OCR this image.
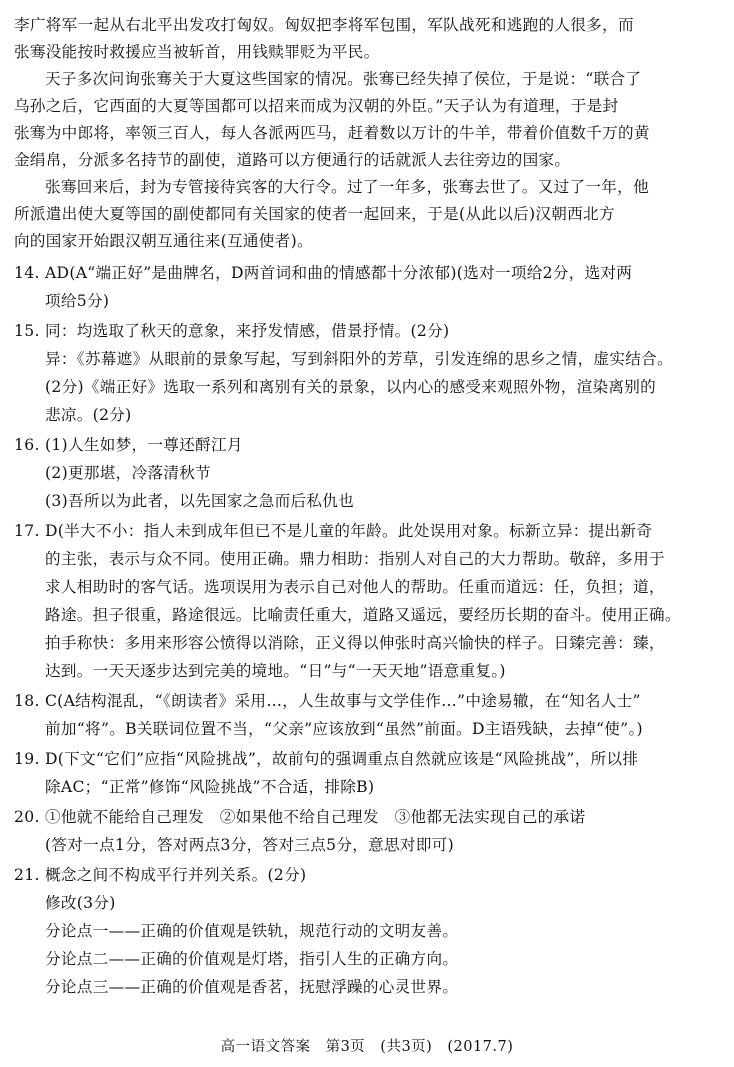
李广将军一起从右北平出发攻打匈奴。匈奴把李将军包围，军队战死和逃跑的人很多，而
张骞没能按时救援应当被斩首，用钱赎罪贬为平民。
天子多次问询张骞关于大夏这些国家的情况。张骞已经失掉了侯位，于是说：“联合了
乌孙之后，它西面的大夏等国都可以招来而成为汉朝的外臣。”天子认为有道理，于是封
张骞为中郎将，率领三百人，每人各派两匹马，赶着数以万计的牛羊，带着价值数千万的黄
金绢帛，分派多名持节的副使，道路可以方便通行的话就派人去往旁边的国家。
张骞回来后，封为专管接待宾客的大行令。过了一年多，张骞去世了。又过了一年，他
所派遣出使大夏等国的副使都同有关国家的使者一起回来，于是(从此以后)汉朝西北方
向的国家开始跟汉朝互通往来(互通使者)。
14. AD(A“端正好”是曲牌名，D两首词和曲的情感都十分浓郁)(选对一项给2分，选对两
项给5分)
15. 同：均选取了秋天的意象，来抒发情感，借景抒情。(2分)
异：《苏幕遮》从眼前的景象写起，写到斜阳外的芳草，引发连绵的思乡之情，虚实结合。
(2分)《端正好》选取一系列和离别有关的景象，以内心的感受来观照外物，渲染离别的
悲凉。(2分)
16. (1)人生如梦，一尊还酹江月
(2)更那堪，冷落清秋节
(3)吾所以为此者，以先国家之急而后私仇也
17. D(半大不小：指人未到成年但已不是儿童的年龄。此处误用对象。标新立异：提出新奇
的主张，表示与众不同。使用正确。鼎力相助：指别人对自己的大力帮助。敬辞，多用于
求人相助时的客气话。选项误用为表示自己对他人的帮助。任重而道远：任，负担；道，
路途。担子很重，路途很远。比喻责任重大，道路又遥远，要经历长期的奋斗。使用正确。
拍手称快：多用来形容公愤得以消除，正义得以伸张时高兴愉快的样子。日臻完善：臻，
达到。一天天逐步达到完美的境地。“日”与“一天天地”语意重复。)
18. C(A结构混乱，“《朗读者》采用…，人生故事与文学佳作…”中途易辙，在“知名人士”
前加“将”。B关联词位置不当，“父亲”应该放到“虽然”前面。D主语残缺，去掉“使”。)
19. D(下文“它们”应指“风险挑战”，故前句的强调重点自然就应该是“风险挑战”，所以排
除AC；“正常”修饰“风险挑战”不合适，排除B)
20. ①他就不能给自己理发　②如果他不给自己理发　③他都无法实现自己的承诺
(答对一点1分，答对两点3分，答对三点5分，意思对即可)
21. 概念之间不构成平行并列关系。(2分)
修改(3分)
分论点一——正确的价值观是铁轨，规范行动的文明友善。
分论点二——正确的价值观是灯塔，指引人生的正确方向。
分论点三——正确的价值观是香茗，抚慰浮躁的心灵世界。
高一语文答案　第3页　(共3页)　(2017.7)
